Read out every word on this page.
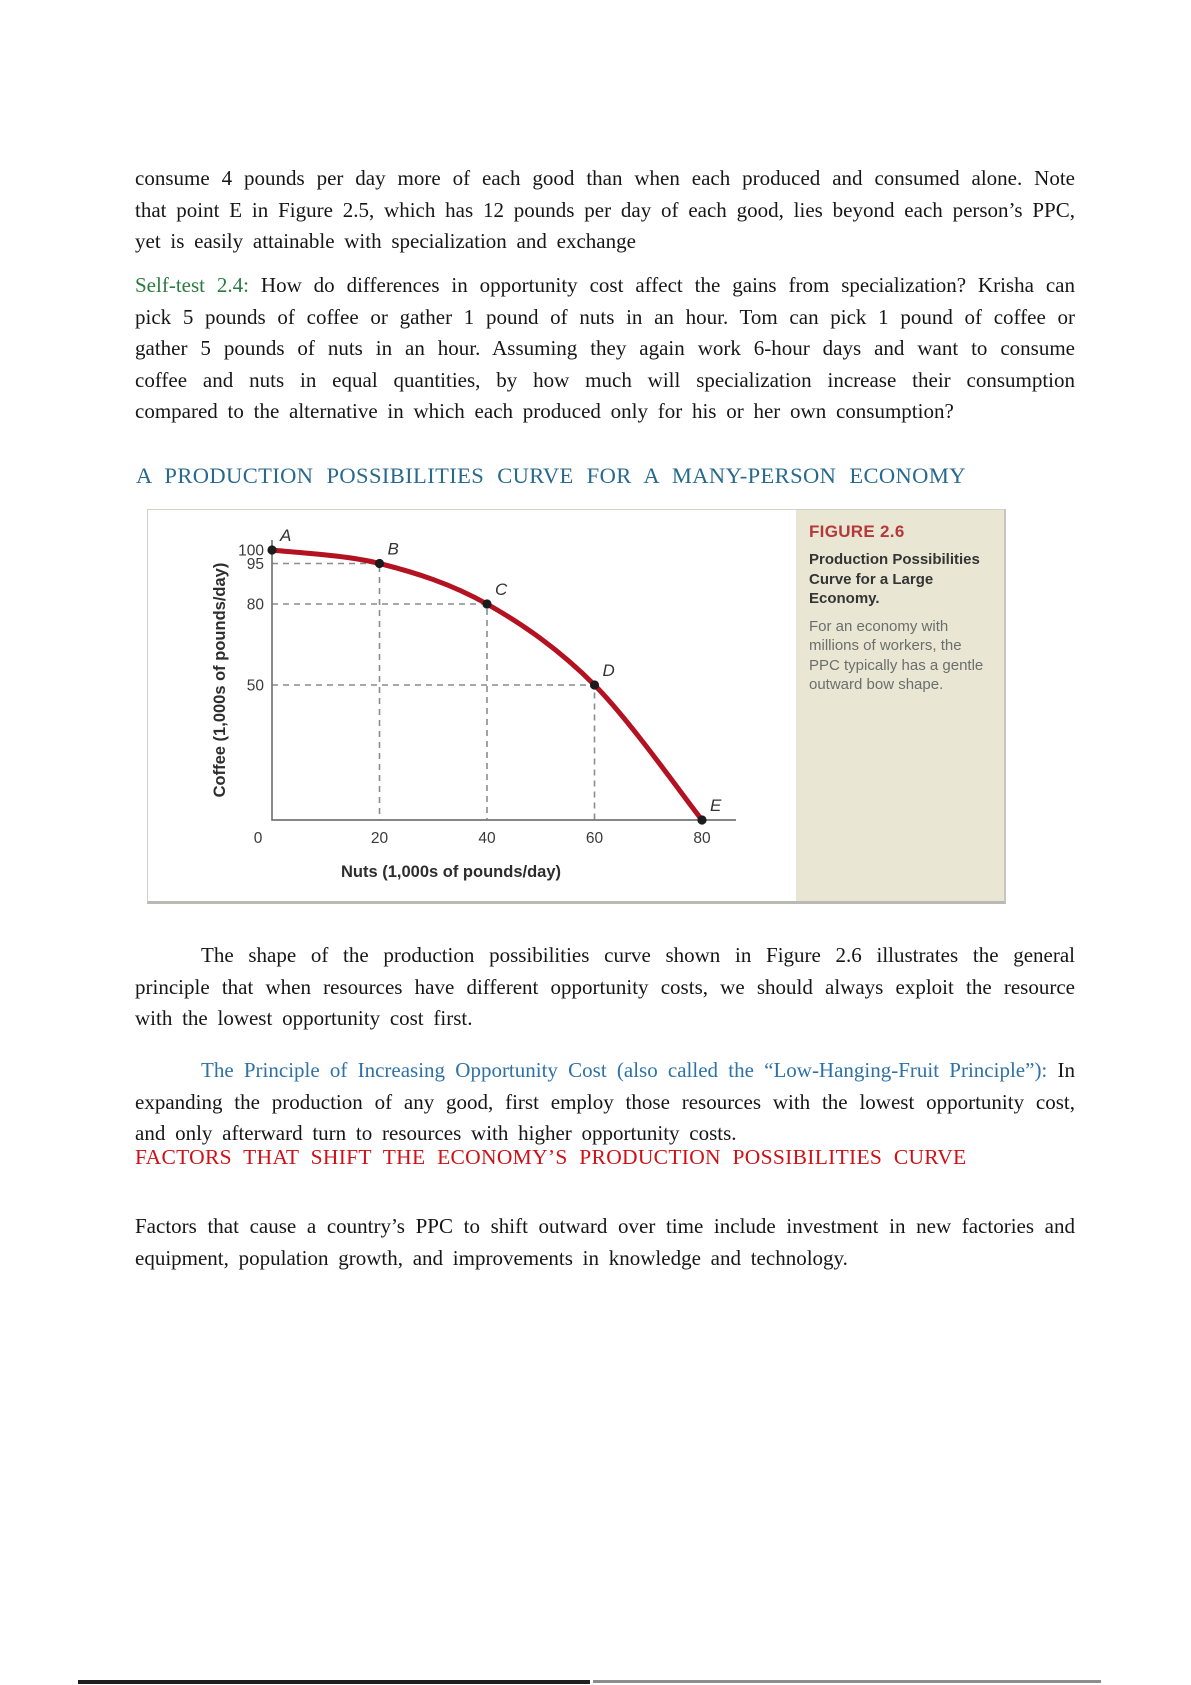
consume 4 pounds per day more of each good than when each produced and consumed alone. Note that point E in Figure 2.5, which has 12 pounds per day of each good, lies beyond each person’s PPC, yet is easily attainable with specialization and exchange

Self-test 2.4: How do differences in opportunity cost affect the gains from specialization? Krisha can pick 5 pounds of coffee or gather 1 pound of nuts in an hour. Tom can pick 1 pound of coffee or gather 5 pounds of nuts in an hour. Assuming they again work 6-hour days and want to consume coffee and nuts in equal quantities, by how much will specialization increase their consumption compared to the alternative in which each produced only for his or her own consumption?

A PRODUCTION POSSIBILITIES CURVE FOR A MANY-PERSON ECONOMY
A
B
C
D
E
100
95
80
50
0	20	40	60	80
Nuts (1,000s of pounds/day)
Coffee (1,000s of pounds/day)
FIGURE 2.6
Production Possibilities Curve for a Large Economy.
For an economy with millions of workers, the PPC typically has a gentle outward bow shape.

The shape of the production possibilities curve shown in Figure 2.6 illustrates the general principle that when resources have different opportunity costs, we should always exploit the resource with the lowest opportunity cost first.

The Principle of Increasing Opportunity Cost (also called the “Low-Hanging-Fruit Principle”): In expanding the production of any good, first employ those resources with the lowest opportunity cost, and only afterward turn to resources with higher opportunity costs.

FACTORS THAT SHIFT THE ECONOMY’S PRODUCTION POSSIBILITIES CURVE

Factors that cause a country’s PPC to shift outward over time include investment in new factories and equipment, population growth, and improvements in knowledge and technology.
